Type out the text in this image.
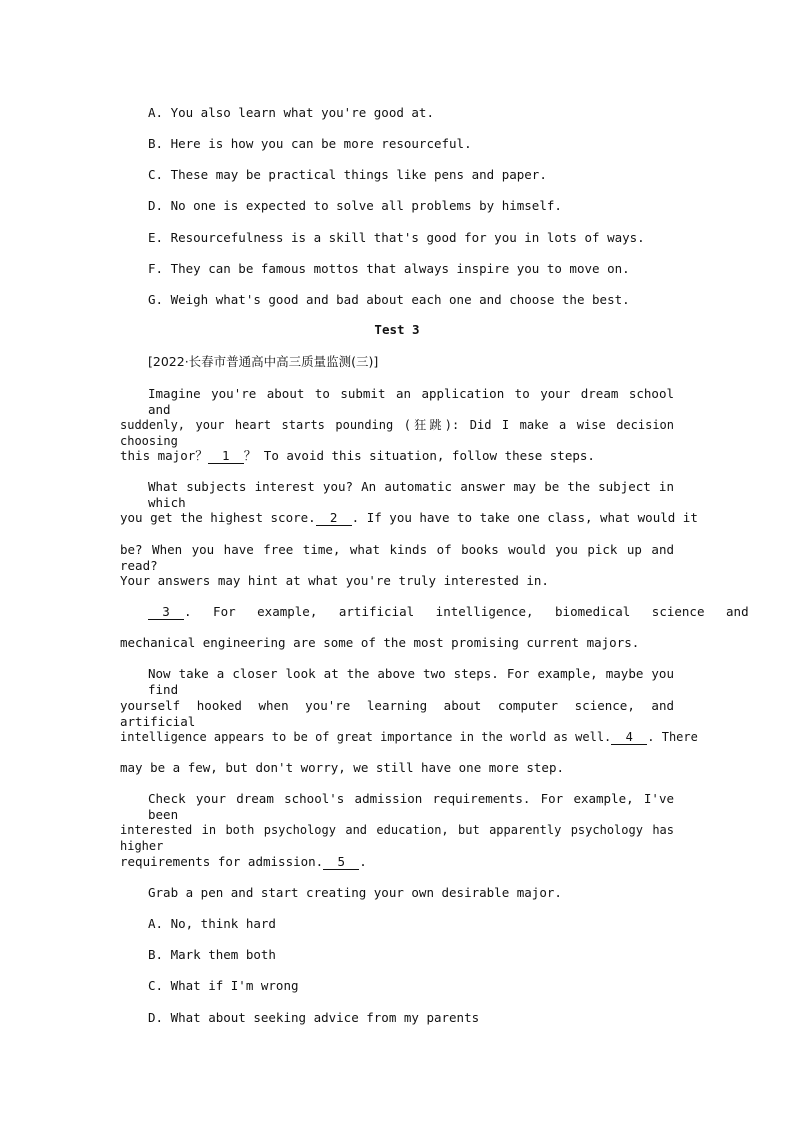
A. You also learn what you're good at.
B. Here is how you can be more resourceful.
C. These may be practical things like pens and paper.
D. No one is expected to solve all problems by himself.
E. Resourcefulness is a skill that's good for you in lots of ways.
F. They can be famous mottos that always inspire you to move on.
G. Weigh what's good and bad about each one and choose the best.
Test 3
[2022·长春市普通高中高三质量监测(三)]
Imagine you're about to submit an application to your dream school and
suddenly, your heart starts pounding (狂跳): Did I make a wise decision choosing
this major？ 1 ？ To avoid this situation, follow these steps.
What subjects interest you? An automatic answer may be the subject in which
you get the highest score. 2 . If you have to take one class, what would it
be? When you have free time, what kinds of books would you pick up and read?
Your answers may hint at what you're truly interested in.
3 . For example, artificial intelligence, biomedical science and
mechanical engineering are some of the most promising current majors.
Now take a closer look at the above two steps. For example, maybe you find
yourself hooked when you're learning about computer science, and artificial
intelligence appears to be of great importance in the world as well. 4 . There
may be a few, but don't worry, we still have one more step.
Check your dream school's admission requirements. For example, I've been
interested in both psychology and education, but apparently psychology has higher
requirements for admission. 5 .
Grab a pen and start creating your own desirable major.
A. No, think hard
B. Mark them both
C. What if I'm wrong
D. What about seeking advice from my parents
